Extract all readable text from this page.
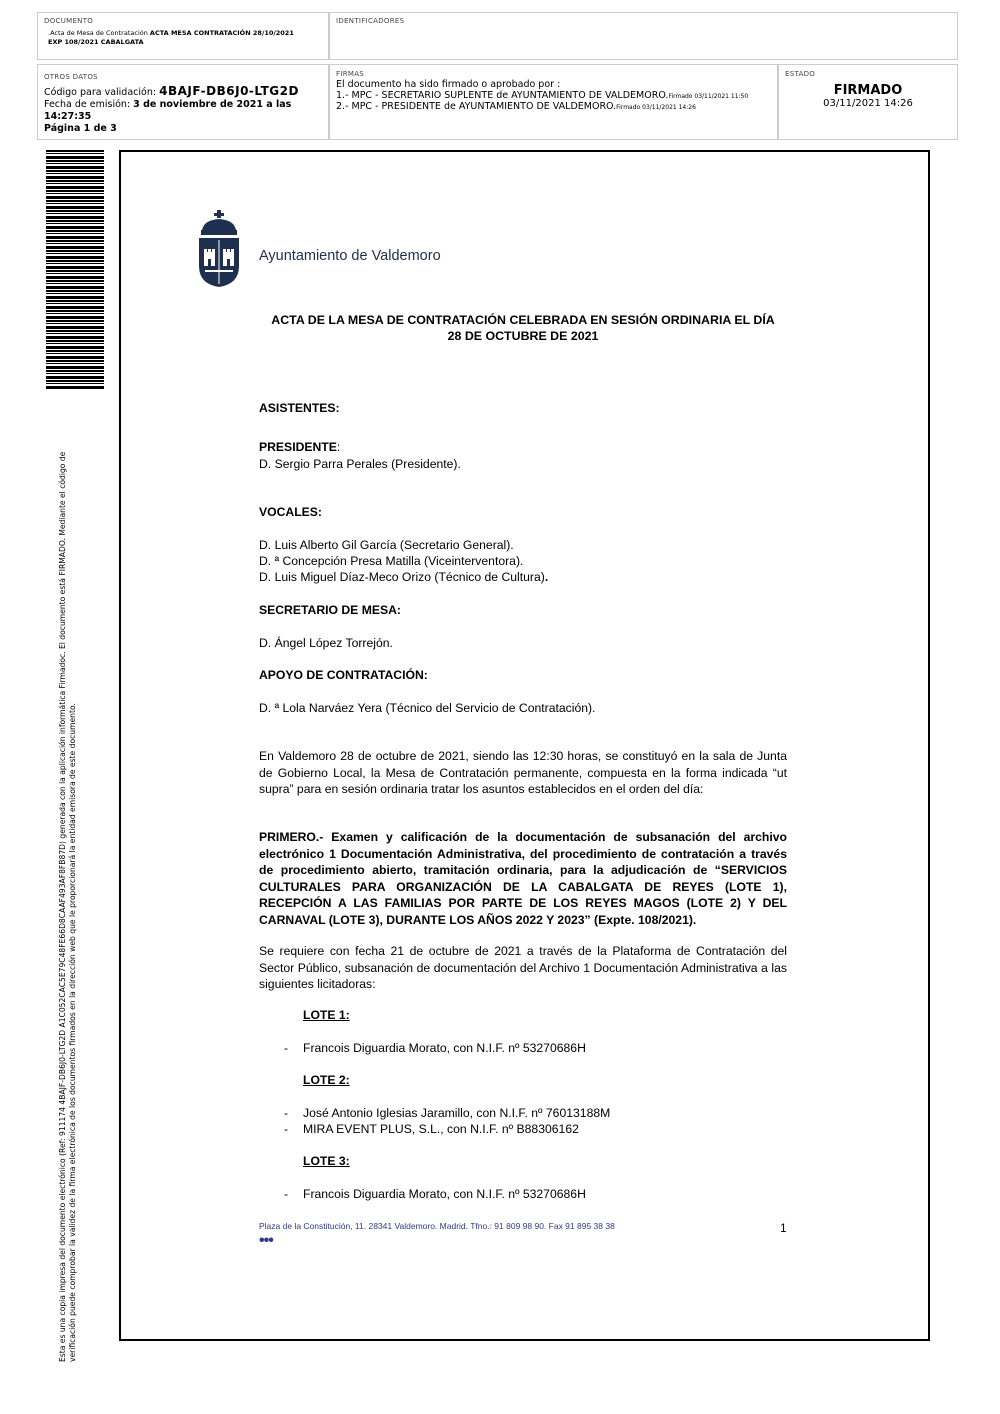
DOCUMENTO
.Acta de Mesa de Contratación ACTA MESA CONTRATACIÓN 28/10/2021
EXP 108/2021 CABALGATA
IDENTIFICADORES
OTROS DATOS
Código para validación: 4BAJF-DB6J0-LTG2D
Fecha de emisión: 3 de noviembre de 2021 a las 14:27:35
Página 1 de 3
FIRMAS
El documento ha sido firmado o aprobado por :
1.- MPC - SECRETARIO SUPLENTE de AYUNTAMIENTO DE VALDEMORO.Firmado 03/11/2021 11:50
2.- MPC - PRESIDENTE de AYUNTAMIENTO DE VALDEMORO.Firmado 03/11/2021 14:26
ESTADO
FIRMADO
03/11/2021 14:26
Esta es una copia impresa del documento electrónico (Ref: 911174 4BAJF-DB6J0-LTG2D A1C052CAC5E79C48FE66D8CAAF493AF8FB87D) generada con la aplicación informática Firmadoc. El documento está FIRMADO. Mediante el código de verificación puede comprobar la validez de la firma electrónica de los documentos firmados en la dirección web que le proporcionará la entidad emisora de este documento.
Ayuntamiento de Valdemoro
ACTA DE LA MESA DE CONTRATACIÓN CELEBRADA EN SESIÓN ORDINARIA EL DÍA
28 DE OCTUBRE DE 2021
ASISTENTES:
PRESIDENTE:
D. Sergio Parra Perales (Presidente).
VOCALES:
D. Luis Alberto Gil García (Secretario General).
D. ª Concepción Presa Matilla (Viceinterventora).
D. Luis Miguel Díaz-Meco Orizo (Técnico de Cultura).
SECRETARIO DE MESA:
D. Ángel López Torrejón.
APOYO DE CONTRATACIÓN:
D. ª Lola Narváez Yera (Técnico del Servicio de Contratación).
En Valdemoro 28 de octubre de 2021, siendo las 12:30 horas, se constituyó en la sala de Junta de Gobierno Local, la Mesa de Contratación permanente, compuesta en la forma indicada “ut supra” para en sesión ordinaria tratar los asuntos establecidos en el orden del día:
PRIMERO.- Examen y calificación de la documentación de subsanación del archivo electrónico 1 Documentación Administrativa, del procedimiento de contratación a través de procedimiento abierto, tramitación ordinaria, para la adjudicación de “SERVICIOS CULTURALES PARA ORGANIZACIÓN DE LA CABALGATA DE REYES (LOTE 1), RECEPCIÓN A LAS FAMILIAS POR PARTE DE LOS REYES MAGOS (LOTE 2) Y DEL CARNAVAL (LOTE 3), DURANTE LOS AÑOS 2022 Y 2023” (Expte. 108/2021).
Se requiere con fecha 21 de octubre de 2021 a través de la Plataforma de Contratación del Sector Público, subsanación de documentación del Archivo 1 Documentación Administrativa a las siguientes licitadoras:
LOTE 1:
- Francois Diguardia Morato, con N.I.F. nº 53270686H
LOTE 2:
- José Antonio Iglesias Jaramillo, con N.I.F. nº 76013188M
- MIRA EVENT PLUS, S.L., con N.I.F. nº B88306162
LOTE 3:
- Francois Diguardia Morato, con N.I.F. nº 53270686H
Plaza de la Constitución, 11. 28341 Valdemoro. Madrid. Tfno.: 91 809 98 90. Fax 91 895 38 38	1
•••
